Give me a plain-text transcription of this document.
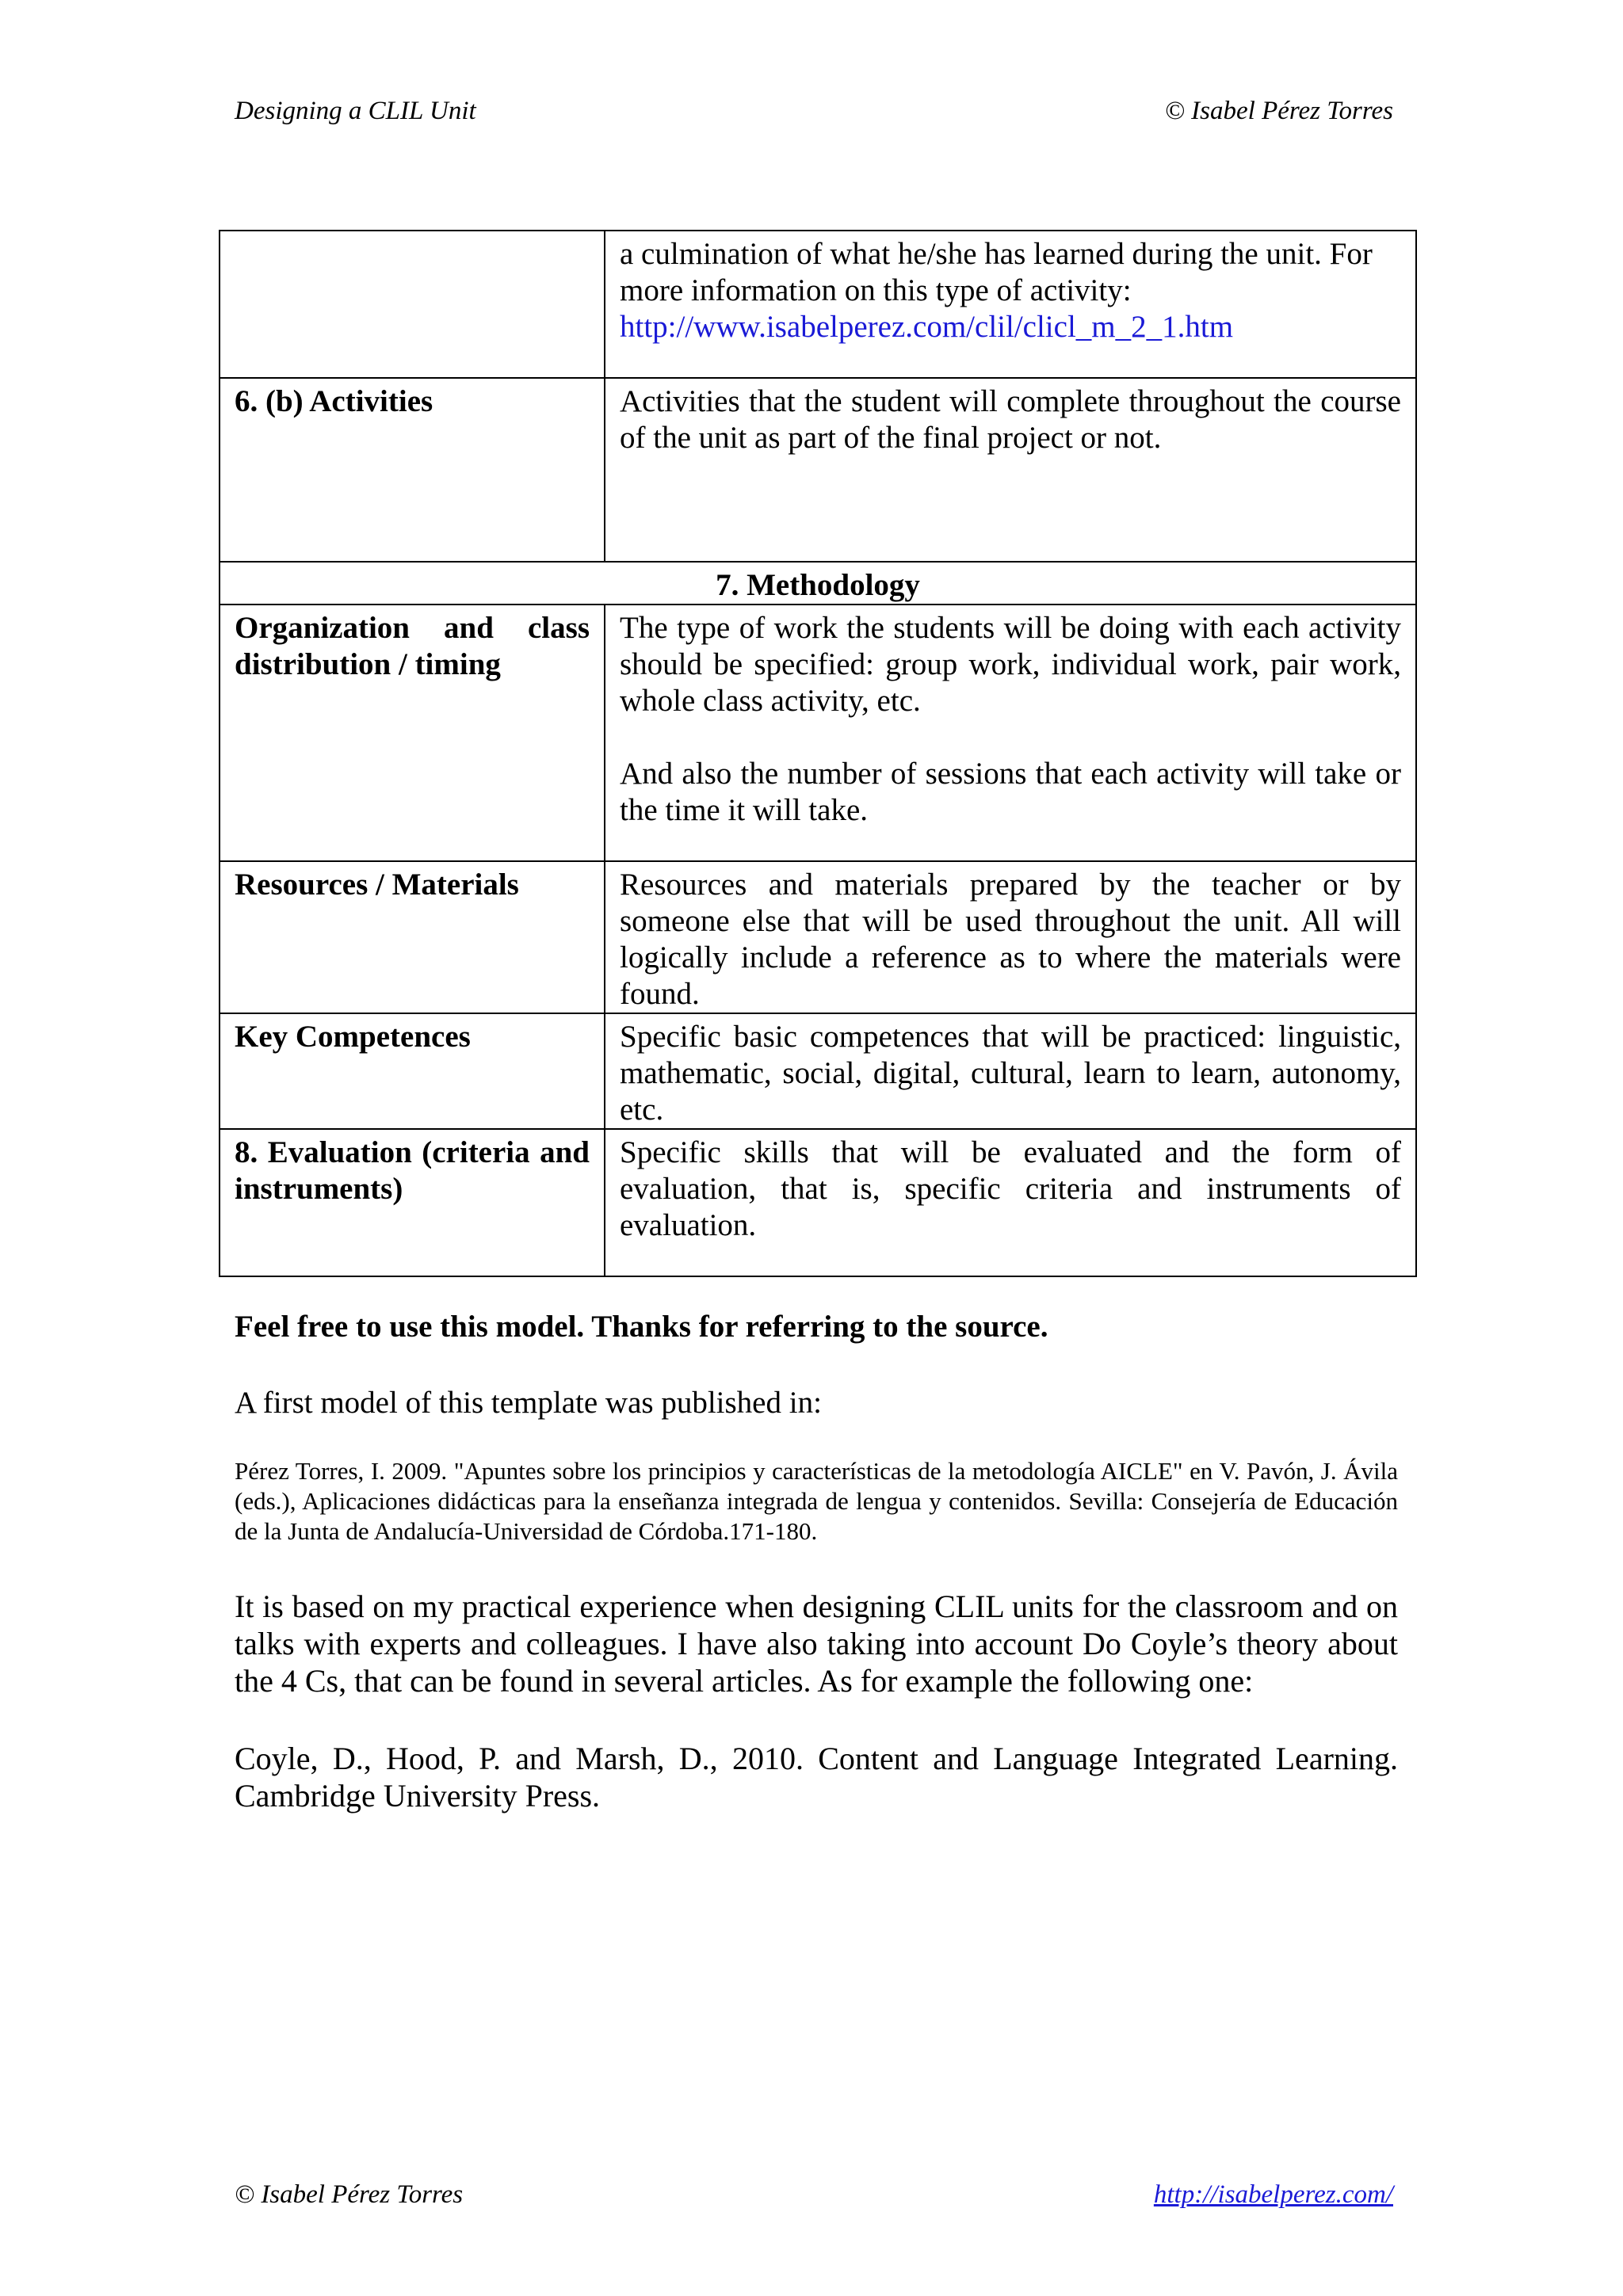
Designing a CLIL Unit	© Isabel Pérez Torres
	a culmination of what he/she has learned during the unit. For more information on this type of activity:
http://www.isabelperez.com/clil/clicl_m_2_1.htm
6. (b) Activities	Activities that the student will complete throughout the course of the unit as part of the final project or not.
7. Methodology	
Organization and class distribution / timing	The type of work the students will be doing with each activity should be specified: group work, individual work, pair work, whole class activity, etc.
And also the number of sessions that each activity will take or the time it will take.

Resources / Materials	Resources and materials prepared by the teacher or by someone else that will be used throughout the unit. All will logically include a reference as to where the materials were found.
Key Competences	Specific basic competences that will be practiced: linguistic, mathematic, social, digital, cultural, learn to learn, autonomy, etc.
8. Evaluation (criteria and instruments)	Specific skills that will be evaluated and the form of evaluation, that is, specific criteria and instruments of evaluation.
Feel free to use this model. Thanks for referring to the source.
A first model of this template was published in:
Pérez Torres, I. 2009. "Apuntes sobre los principios y características de la metodología AICLE" en V. Pavón, J. Ávila (eds.), Aplicaciones didácticas para la enseñanza integrada de lengua y contenidos. Sevilla: Consejería de Educación de la Junta de Andalucía-Universidad de Córdoba.171-180.
It is based on my practical experience when designing CLIL units for the classroom and on talks with experts and colleagues. I have also taking into account Do Coyle’s theory about the 4 Cs, that can be found in several articles. As for example the following one:
Coyle, D., Hood, P. and Marsh, D., 2010. Content and Language Integrated Learning. Cambridge University Press.
© Isabel Pérez Torres	http://isabelperez.com/
